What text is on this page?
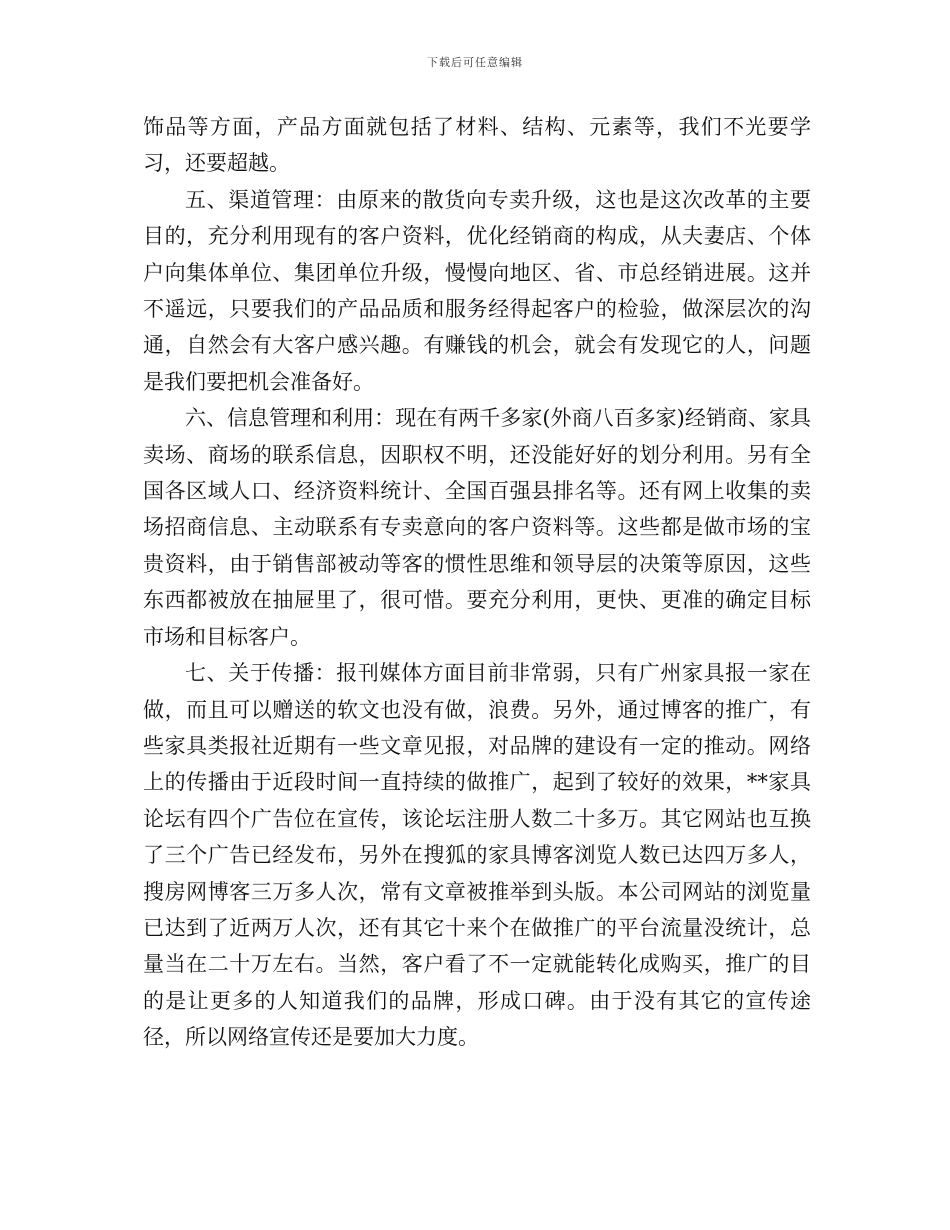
下载后可任意编辑

饰品等方面，产品方面就包括了材料、结构、元素等，我们不光要学习，还要超越。

五、渠道管理：由原来的散货向专卖升级，这也是这次改革的主要目的，充分利用现有的客户资料，优化经销商的构成，从夫妻店、个体户向集体单位、集团单位升级，慢慢向地区、省、市总经销进展。这并不遥远，只要我们的产品品质和服务经得起客户的检验，做深层次的沟通，自然会有大客户感兴趣。有赚钱的机会，就会有发现它的人，问题是我们要把机会准备好。

六、信息管理和利用：现在有两千多家(外商八百多家)经销商、家具卖场、商场的联系信息，因职权不明，还没能好好的划分利用。另有全国各区域人口、经济资料统计、全国百强县排名等。还有网上收集的卖场招商信息、主动联系有专卖意向的客户资料等。这些都是做市场的宝贵资料，由于销售部被动等客的惯性思维和领导层的决策等原因，这些东西都被放在抽屉里了，很可惜。要充分利用，更快、更准的确定目标市场和目标客户。

七、关于传播：报刊媒体方面目前非常弱，只有广州家具报一家在做，而且可以赠送的软文也没有做，浪费。另外，通过博客的推广，有些家具类报社近期有一些文章见报，对品牌的建设有一定的推动。网络上的传播由于近段时间一直持续的做推广，起到了较好的效果，**家具论坛有四个广告位在宣传，该论坛注册人数二十多万。其它网站也互换了三个广告已经发布，另外在搜狐的家具博客浏览人数已达四万多人，搜房网博客三万多人次，常有文章被推举到头版。本公司网站的浏览量已达到了近两万人次，还有其它十来个在做推广的平台流量没统计，总量当在二十万左右。当然，客户看了不一定就能转化成购买，推广的目的是让更多的人知道我们的品牌，形成口碑。由于没有其它的宣传途径，所以网络宣传还是要加大力度。
